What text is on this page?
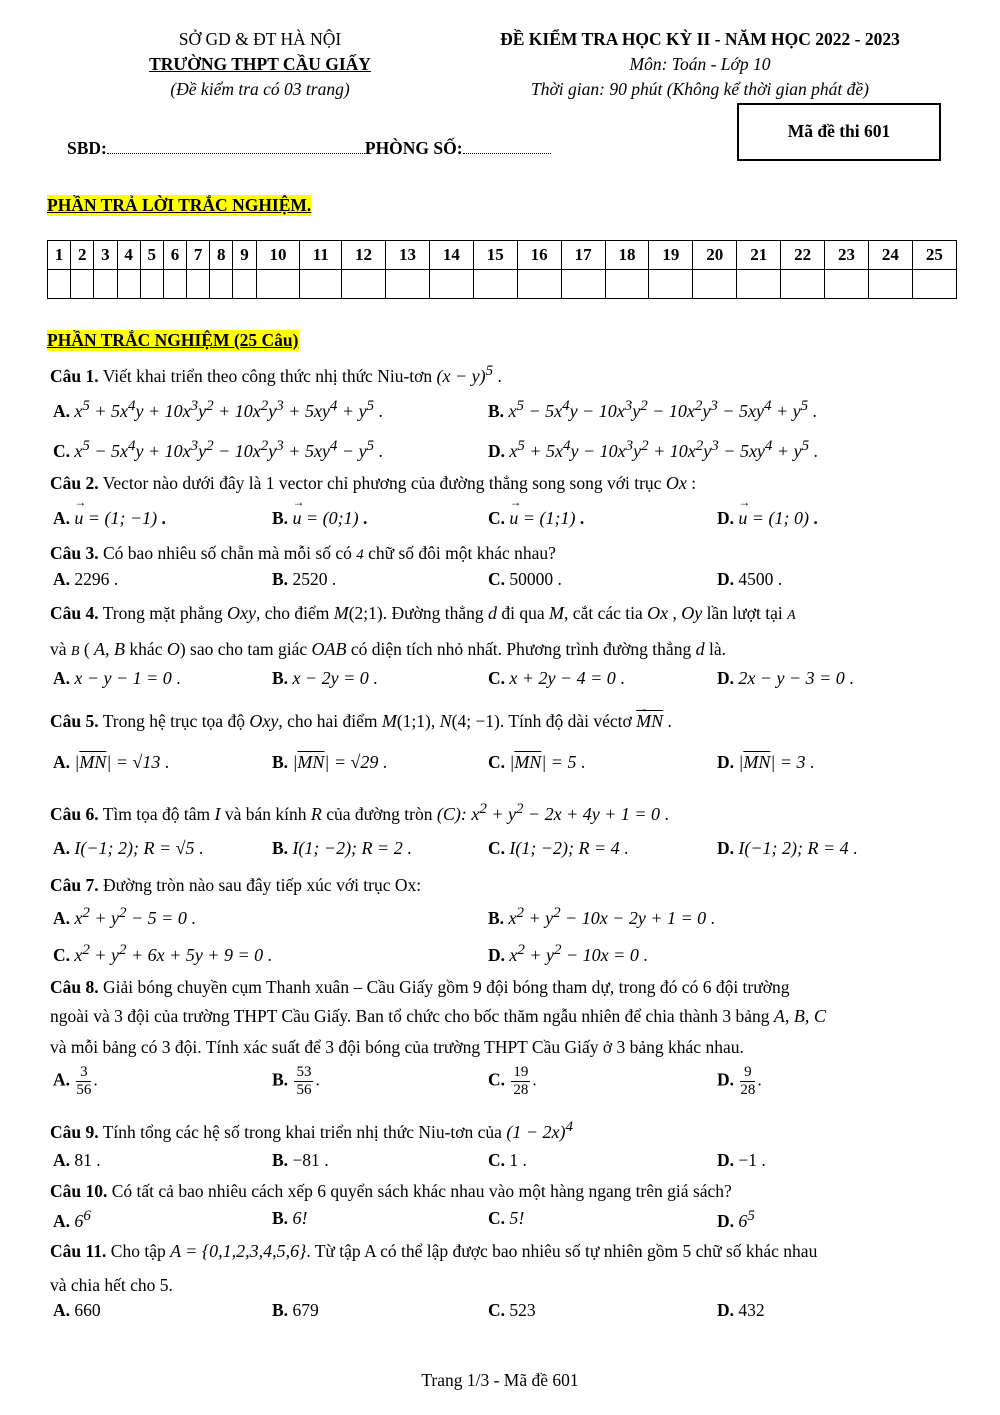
SỞ GD & ĐT HÀ NỘI
TRƯỜNG THPT CẦU GIẤY
(Đề kiểm tra có 03 trang)
ĐỀ KIỂM TRA HỌC KỲ II - NĂM HỌC 2022 - 2023
Môn: Toán - Lớp 10
Thời gian: 90 phút (Không kể thời gian phát đề)
SBD:	PHÒNG SỐ:
Mã đề thi 601
PHẦN TRẢ LỜI TRẮC NGHIỆM.
1	2	3	4	5	6	7	8	9	10	11	12	13	14	15	16	17	18	19	20	21	22	23	24	25

PHẦN TRẮC NGHIỆM (25 Câu)
Câu 1. Viết khai triển theo công thức nhị thức Niu-tơn $(x - y)^5$ .
A. $x^5 + 5x^4y + 10x^3y^2 + 10x^2y^3 + 5xy^4 + y^5$ .	B. $x^5 - 5x^4y - 10x^3y^2 - 10x^2y^3 - 5xy^4 + y^5$ .
C. $x^5 - 5x^4y + 10x^3y^2 - 10x^2y^3 + 5xy^4 - y^5$ .	D. $x^5 + 5x^4y - 10x^3y^2 + 10x^2y^3 - 5xy^4 + y^5$ .
Câu 2. Vector nào dưới đây là 1 vector chỉ phương của đường thẳng song song với trục Ox :
A. → u = (1; −1) .	B. → u = (0;1) .	C. → u = (1;1) .	D. → u = (1; 0) .
Câu 3. Có bao nhiêu số chẵn mà mỗi số có 4 chữ số đôi một khác nhau?
A. 2296 .	B. 2520 .	C. 50000 .	D. 4500 .
Câu 4. Trong mặt phẳng Oxy, cho điểm M(2;1). Đường thẳng d đi qua M, cắt các tia Ox , Oy lần lượt tại A
và B ( A, B khác O) sao cho tam giác OAB có diện tích nhỏ nhất. Phương trình đường thẳng d là.
A. x − y − 1 = 0 .	B. x − 2y = 0 .	C. x + 2y − 4 = 0 .	D. 2x − y − 3 = 0 .
Câu 5. Trong hệ trục tọa độ Oxy, cho hai điểm M(1;1), N(4; −1). Tính độ dài véctơ → $\overline{MN}$ .
A. $|\overline{MN}| = √13$ .	B. $|\overline{MN}| = √29$ .	C. $|\overline{MN}| = 5$ .	D. $|\overline{MN}| = 3$ .
Câu 6. Tìm tọa độ tâm I và bán kính R của đường tròn (C): $x^2 + y^2 - 2x + 4y + 1 = 0$ .
A. I(−1; 2); R = √5 .	B. I(1; −2); R = 2 .	C. I(1; −2); R = 4 .	D. I(−1; 2); R = 4 .
Câu 7. Đường tròn nào sau đây tiếp xúc với trục Ox:
A. $x^2 + y^2 - 5 = 0$ .	B. $x^2 + y^2 - 10x - 2y + 1 = 0$ .
C. $x^2 + y^2 + 6x + 5y + 9 = 0$ .	D. $x^2 + y^2 - 10x = 0$ .
Câu 8. Giải bóng chuyền cụm Thanh xuân – Cầu Giấy gồm 9 đội bóng tham dự, trong đó có 6 đội trường
ngoài và 3 đội của trường THPT Cầu Giấy. Ban tổ chức cho bốc thăm ngẫu nhiên để chia thành 3 bảng A, B, C
và mỗi bảng có 3 đội. Tính xác suất để 3 đội bóng của trường THPT Cầu Giấy ở 3 bảng khác nhau.
A. $\frac{3}{56}$ .	B. $\frac{53}{56}$ .	C. $\frac{19}{28}$ .	D. $\frac{9}{28}$ .
Câu 9. Tính tổng các hệ số trong khai triển nhị thức Niu-tơn của $(1 - 2x)^4$
A. 81 .	B. −81 .	C. 1 .	D. −1 .
Câu 10. Có tất cả bao nhiêu cách xếp 6 quyển sách khác nhau vào một hàng ngang trên giá sách?
A. $6^6$	B. 6!	C. 5!	D. $6^5$
Câu 11. Cho tập A = {0,1,2,3,4,5,6}. Từ tập A có thể lập được bao nhiêu số tự nhiên gồm 5 chữ số khác nhau
và chia hết cho 5.
A. 660	B. 679	C. 523	D. 432
Trang 1/3 - Mã đề 601
